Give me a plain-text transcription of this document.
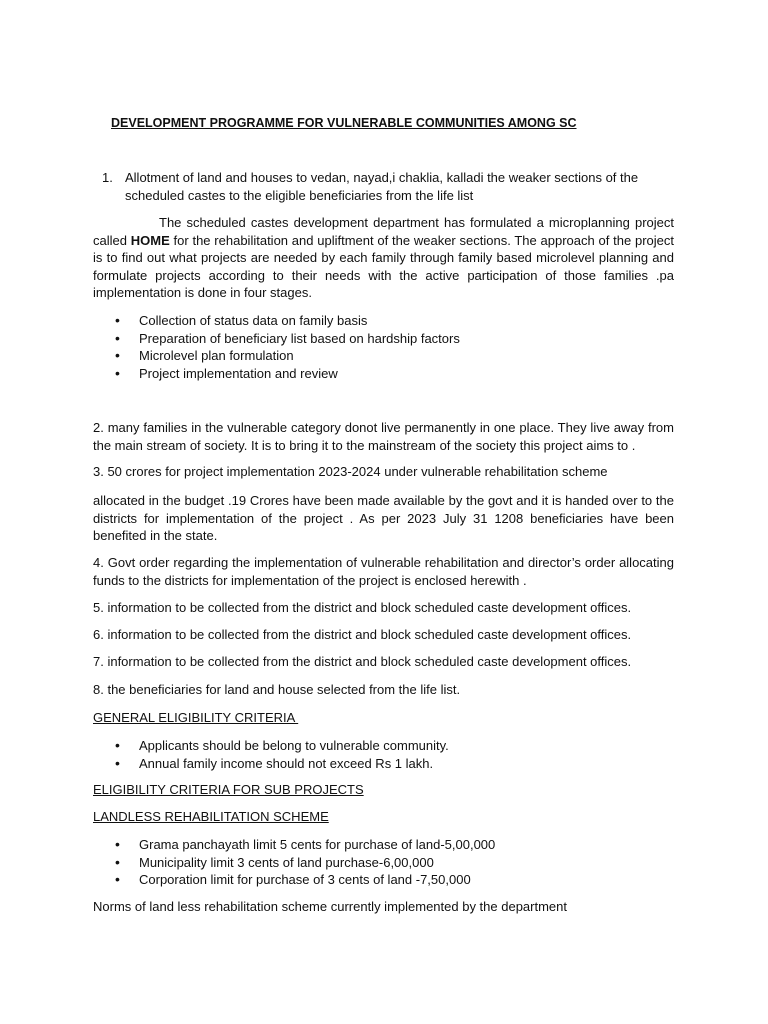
DEVELOPMENT PROGRAMME FOR VULNERABLE COMMUNITIES AMONG SC
1. Allotment of land and houses to vedan, nayad,i chaklia, kalladi the weaker sections of the scheduled castes to the eligible beneficiaries from the life list
The scheduled castes development department has formulated a microplanning project called HOME for the rehabilitation and upliftment of the weaker sections. The approach of the project is to find out what projects are needed by each family through family based microlevel planning and formulate projects according to their needs with the active participation of those families .pa implementation is done in four stages.
• Collection of status data on family basis
• Preparation of beneficiary list based on hardship factors
• Microlevel plan formulation
• Project implementation and review
2. many families in the vulnerable category donot live permanently in one place. They live away from the main stream of society. It is to bring it to the mainstream of the society this project aims to .
3. 50 crores for project implementation 2023-2024 under vulnerable rehabilitation scheme
allocated in the budget .19 Crores have been made available by the govt and it is handed over to the districts for implementation of the project . As per 2023 July 31 1208 beneficiaries have been benefited in the state.
4. Govt order regarding the implementation of vulnerable rehabilitation and director’s order allocating funds to the districts for implementation of the project is enclosed herewith .
5. information to be collected from the district and block scheduled caste development offices.
6. information to be collected from the district and block scheduled caste development offices.
7. information to be collected from the district and block scheduled caste development offices.
8. the beneficiaries for land and house selected from the life list.
GENERAL ELIGIBILITY CRITERIA
• Applicants should be belong to vulnerable community.
• Annual family income should not exceed Rs 1 lakh.
ELIGIBILITY CRITERIA FOR SUB PROJECTS
LANDLESS REHABILITATION SCHEME
• Grama panchayath limit 5 cents for purchase of land-5,00,000
• Municipality limit 3 cents of land purchase-6,00,000
• Corporation limit for purchase of 3 cents of land -7,50,000
Norms of land less rehabilitation scheme currently implemented by the department
